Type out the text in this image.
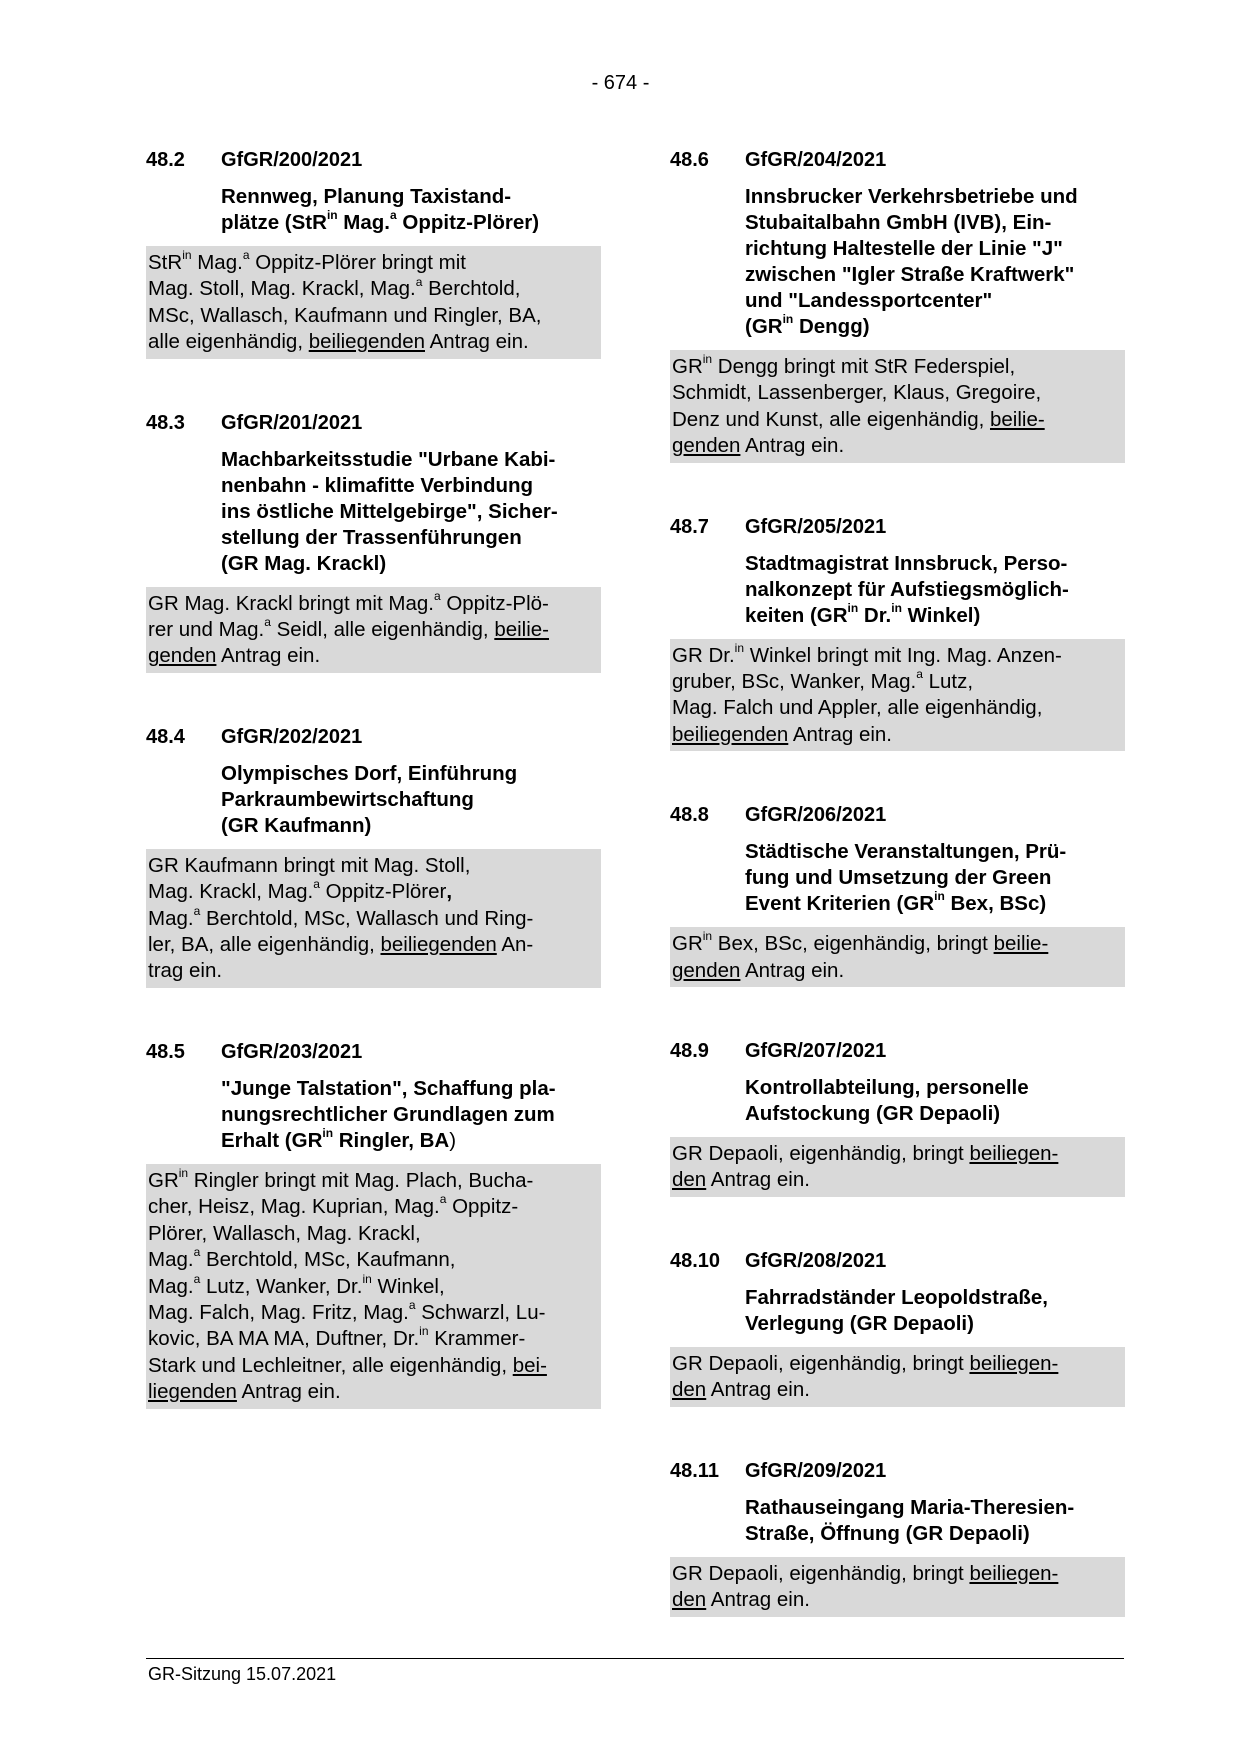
- 674 -
48.2	GfGR/200/2021
Rennweg, Planung Taxistand-
plätze (StR$^{in}$ Mag.$^a$ Oppitz-Plörer)
StR$^{in}$ Mag.$^a$ Oppitz-Plörer bringt mit
Mag. Stoll, Mag. Krackl, Mag.$^a$ Berchtold,
MSc, Wallasch, Kaufmann und Ringler, BA,
alle eigenhändig, beiliegenden Antrag ein.
48.3	GfGR/201/2021
Machbarkeitsstudie "Urbane Kabi-
nenbahn - klimafitte Verbindung
ins östliche Mittelgebirge", Sicher-
stellung der Trassenführungen
(GR Mag. Krackl)
GR Mag. Krackl bringt mit Mag.$^a$ Oppitz-Plö-
rer und Mag.$^a$ Seidl, alle eigenhändig, beilie-
genden Antrag ein.
48.4	GfGR/202/2021
Olympisches Dorf, Einführung
Parkraumbewirtschaftung
(GR Kaufmann)
GR Kaufmann bringt mit Mag. Stoll,
Mag. Krackl, Mag.$^a$ Oppitz-Plörer,
Mag.$^a$ Berchtold, MSc, Wallasch und Ring-
ler, BA, alle eigenhändig, beiliegenden An-
trag ein.
48.5	GfGR/203/2021
"Junge Talstation", Schaffung pla-
nungsrechtlicher Grundlagen zum
Erhalt ($GR^{in}$ Ringler, BA)
$GR^{in}$ Ringler bringt mit Mag. Plach, Bucha-
cher, Heisz, Mag. Kuprian, Mag.$^a$ Oppitz-
Plörer, Wallasch, Mag. Krackl,
Mag.$^a$ Berchtold, MSc, Kaufmann,
Mag.$^a$ Lutz, Wanker, Dr.$^{in}$ Winkel,
Mag. Falch, Mag. Fritz, Mag.$^a$ Schwarzl, Lu-
kovic, BA MA MA, Duftner, Dr.$^{in}$ Krammer-
Stark und Lechleitner, alle eigenhändig, bei-
liegenden Antrag ein.
48.6	GfGR/204/2021
Innsbrucker Verkehrsbetriebe und
Stubaitalbahn GmbH (IVB), Ein-
richtung Haltestelle der Linie "J"
zwischen "Igler Straße Kraftwerk"
und "Landessportcenter"
($GR^{in}$ Dengg)
$GR^{in}$ Dengg bringt mit StR Federspiel,
Schmidt, Lassenberger, Klaus, Gregoire,
Denz und Kunst, alle eigenhändig, beilie-
genden Antrag ein.
48.7	GfGR/205/2021
Stadtmagistrat Innsbruck, Perso-
nalkonzept für Aufstiegsmöglich-
keiten ($GR^{in}$ Dr.$^{in}$ Winkel)
GR Dr.$^{in}$ Winkel bringt mit Ing. Mag. Anzen-
gruber, BSc, Wanker, Mag.$^a$ Lutz,
Mag. Falch und Appler, alle eigenhändig,
beiliegenden Antrag ein.
48.8	GfGR/206/2021
Städtische Veranstaltungen, Prü-
fung und Umsetzung der Green
Event Kriterien ($GR^{in}$ Bex, BSc)
$GR^{in}$ Bex, BSc, eigenhändig, bringt beilie-
genden Antrag ein.
48.9	GfGR/207/2021
Kontrollabteilung, personelle
Aufstockung (GR Depaoli)
GR Depaoli, eigenhändig, bringt beiliegen-
den Antrag ein.
48.10	GfGR/208/2021
Fahrradständer Leopoldstraße,
Verlegung (GR Depaoli)
GR Depaoli, eigenhändig, bringt beiliegen-
den Antrag ein.
48.11	GfGR/209/2021
Rathauseingang Maria-Theresien-
Straße, Öffnung (GR Depaoli)
GR Depaoli, eigenhändig, bringt beiliegen-
den Antrag ein.
GR-Sitzung 15.07.2021
